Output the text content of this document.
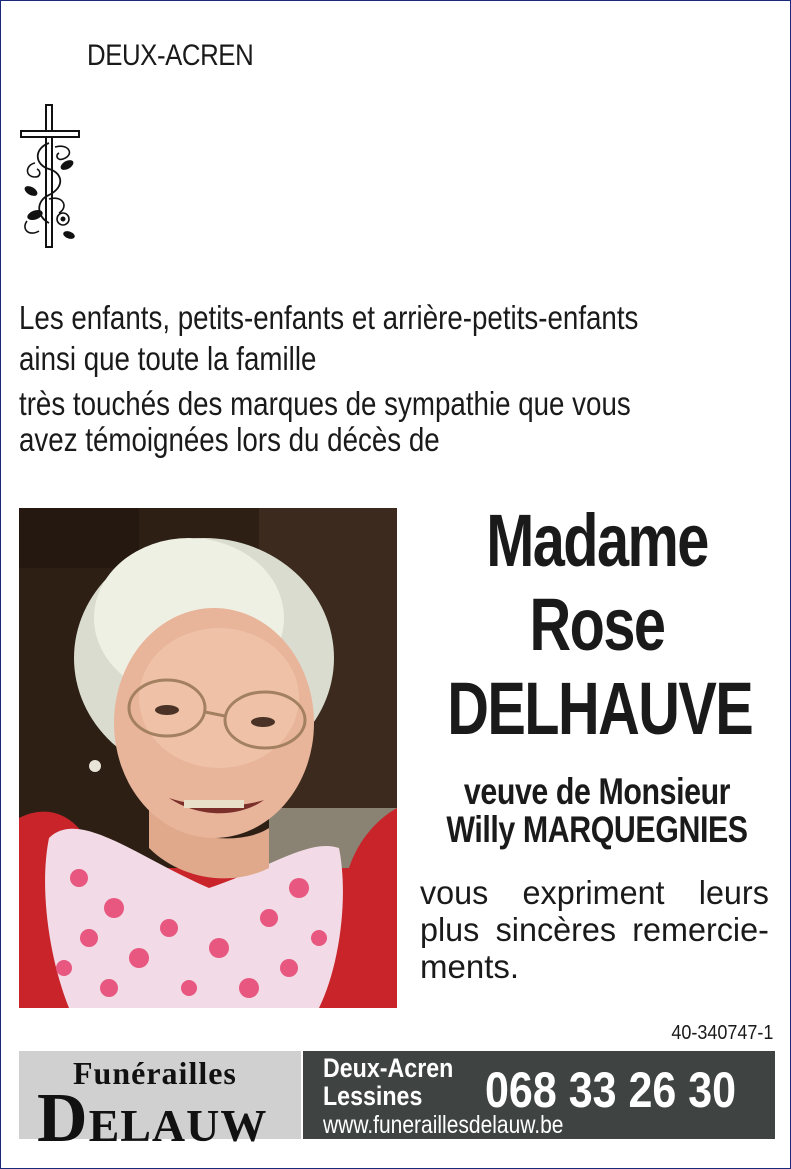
DEUX-ACREN
Les enfants, petits-enfants et arrière-petits-enfants
ainsi que toute la famille
très touchés des marques de sympathie que vous
avez témoignées lors du décès de
Madame
Rose
DELHAUVE
veuve de Monsieur
Willy MARQUEGNIES
vous expriment leurs
plus sincères remercie-
ments.
40-340747-1
Funérailles
DELAUW
Deux-Acren
Lessines 068 33 26 30
www.funeraillesdelauw.be
